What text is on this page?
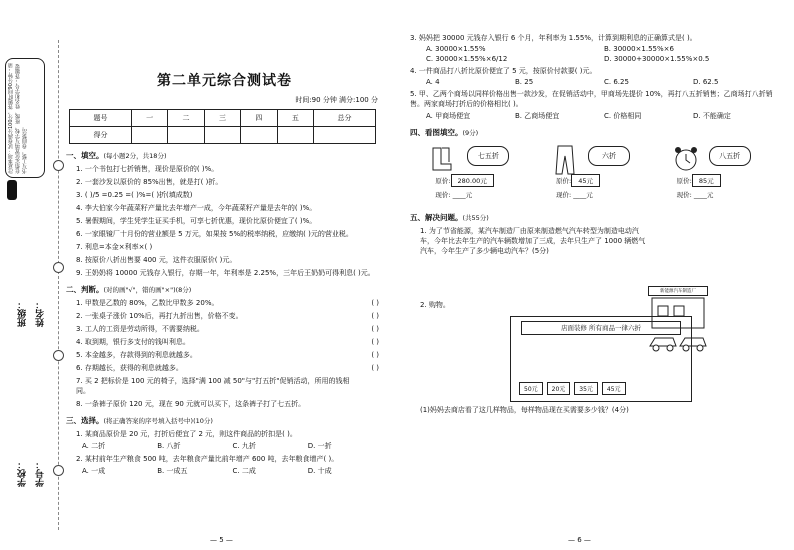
注意事项：试卷满分100分，答题时间90分钟；请在指定位置填写学校、班级、姓名和学号；答题要书写工整，卷面整洁。
班级： 姓名：
学校： 学号：
第二单元综合测试卷
时间:90 分钟 满分:100 分
题号	一	二	三	四	五	总分
得分						
一、填空。(每小题2分，共18分)
1. 一个书包打七折销售，现价是原价的( )%。
2. 一套沙发以原价的 85%出售，就是打( )折。
3. ( )/5 =0.25 =( )%=( )折(填成数)
4. 李大伯家今年蔬菜籽产量比去年增产一成，今年蔬菜籽产量是去年的( )%。
5. 暑假期间，学生凭学生证买手机，可享七折优惠，现价比原价便宜了( )%。
6. 一家眼镜厂十月份的营业额是 5 万元，如果按 5%的税率纳税，应缴纳( )元的营业税。
7. 利息=本金×利率×( )
8. 按原价八折出售要 400 元，这件衣服原价( )元。
9. 王奶奶将 10000 元钱存入银行，存期一年，年利率是 2.25%，三年后王奶奶可得利息( )元。
二、判断。(对的画"√"，错的画"×")(8分)
1. 甲数是乙数的 80%，乙数比甲数多 20%。	( )
2. 一张桌子涨价 10%后，再打九折出售，价格不变。	( )
3. 工人的工资是劳动所得，不需要纳税。	( )
4. 取到期，银行多支付的钱叫利息。	( )
5. 本金越多，存款得到的利息就越多。	( )
6. 存期越长，获得的利息就越多。	( )
7. 买 2 把标价是 100 元的椅子，选择"满 100 减 50"与"打五折"促销活动，所用的钱相同。
8. 一条裤子原价 120 元，现在 90 元就可以买下，这条裤子打了七五折。
三、选择。(将正确答案的序号填入括号中)(10分)
1. 某商品原价是 20 元，打折后便宜了 2 元，则这件商品的折扣是( )。
A. 二折	B. 八折	C. 九折	D. 一折
2. 某村前年生产粮食 500 吨，去年粮食产量比前年增产 600 吨，去年粮食增产( )。
A. 一成	B. 一成五	C. 二成	D. 十成
— 5 —
3. 妈妈把 30000 元钱存入银行 6 个月，年利率为 1.55%，计算到期利息的正确算式是( )。
A. 30000×1.55%	B. 30000×1.55%×6
C. 30000×1.55%×6/12	D. 30000+30000×1.55%×0.5
4. 一件商品打八折比原价便宜了 5 元，按原价付款要( )元。
A. 4	B. 25	C. 6.25	D. 62.5
5. 甲、乙两个商场以同样价格出售一款沙发，在促销活动中，甲商场先提价 10%，再打八五折销售；乙商场打八折销售。两家商场打折后的价格相比( )。
A. 甲商场便宜	B. 乙商场便宜	C. 价格相同	D. 不能确定
四、看图填空。(9分)
七五折
原价: 280.00元
现价: ____元
六折
原价: 45元
现价: ____元
八五折
原价: 85元
现价: ____元
五、解决问题。(共55分)
1. 为了节省能源，某汽车制造厂由原来制造燃气汽车转型为制造电动汽车，今年比去年生产的汽车辆数增加了三成，去年只生产了 1000 辆燃气汽车，今年生产了多少辆电动汽车？(5分)
2. 购物。
店面装修 所有商品一律六折
50元	20元	35元	45元
(1)妈妈去商店看了这几样物品，每样物品现在买需要多少钱？(4分)
新能源汽车制造厂
— 6 —
